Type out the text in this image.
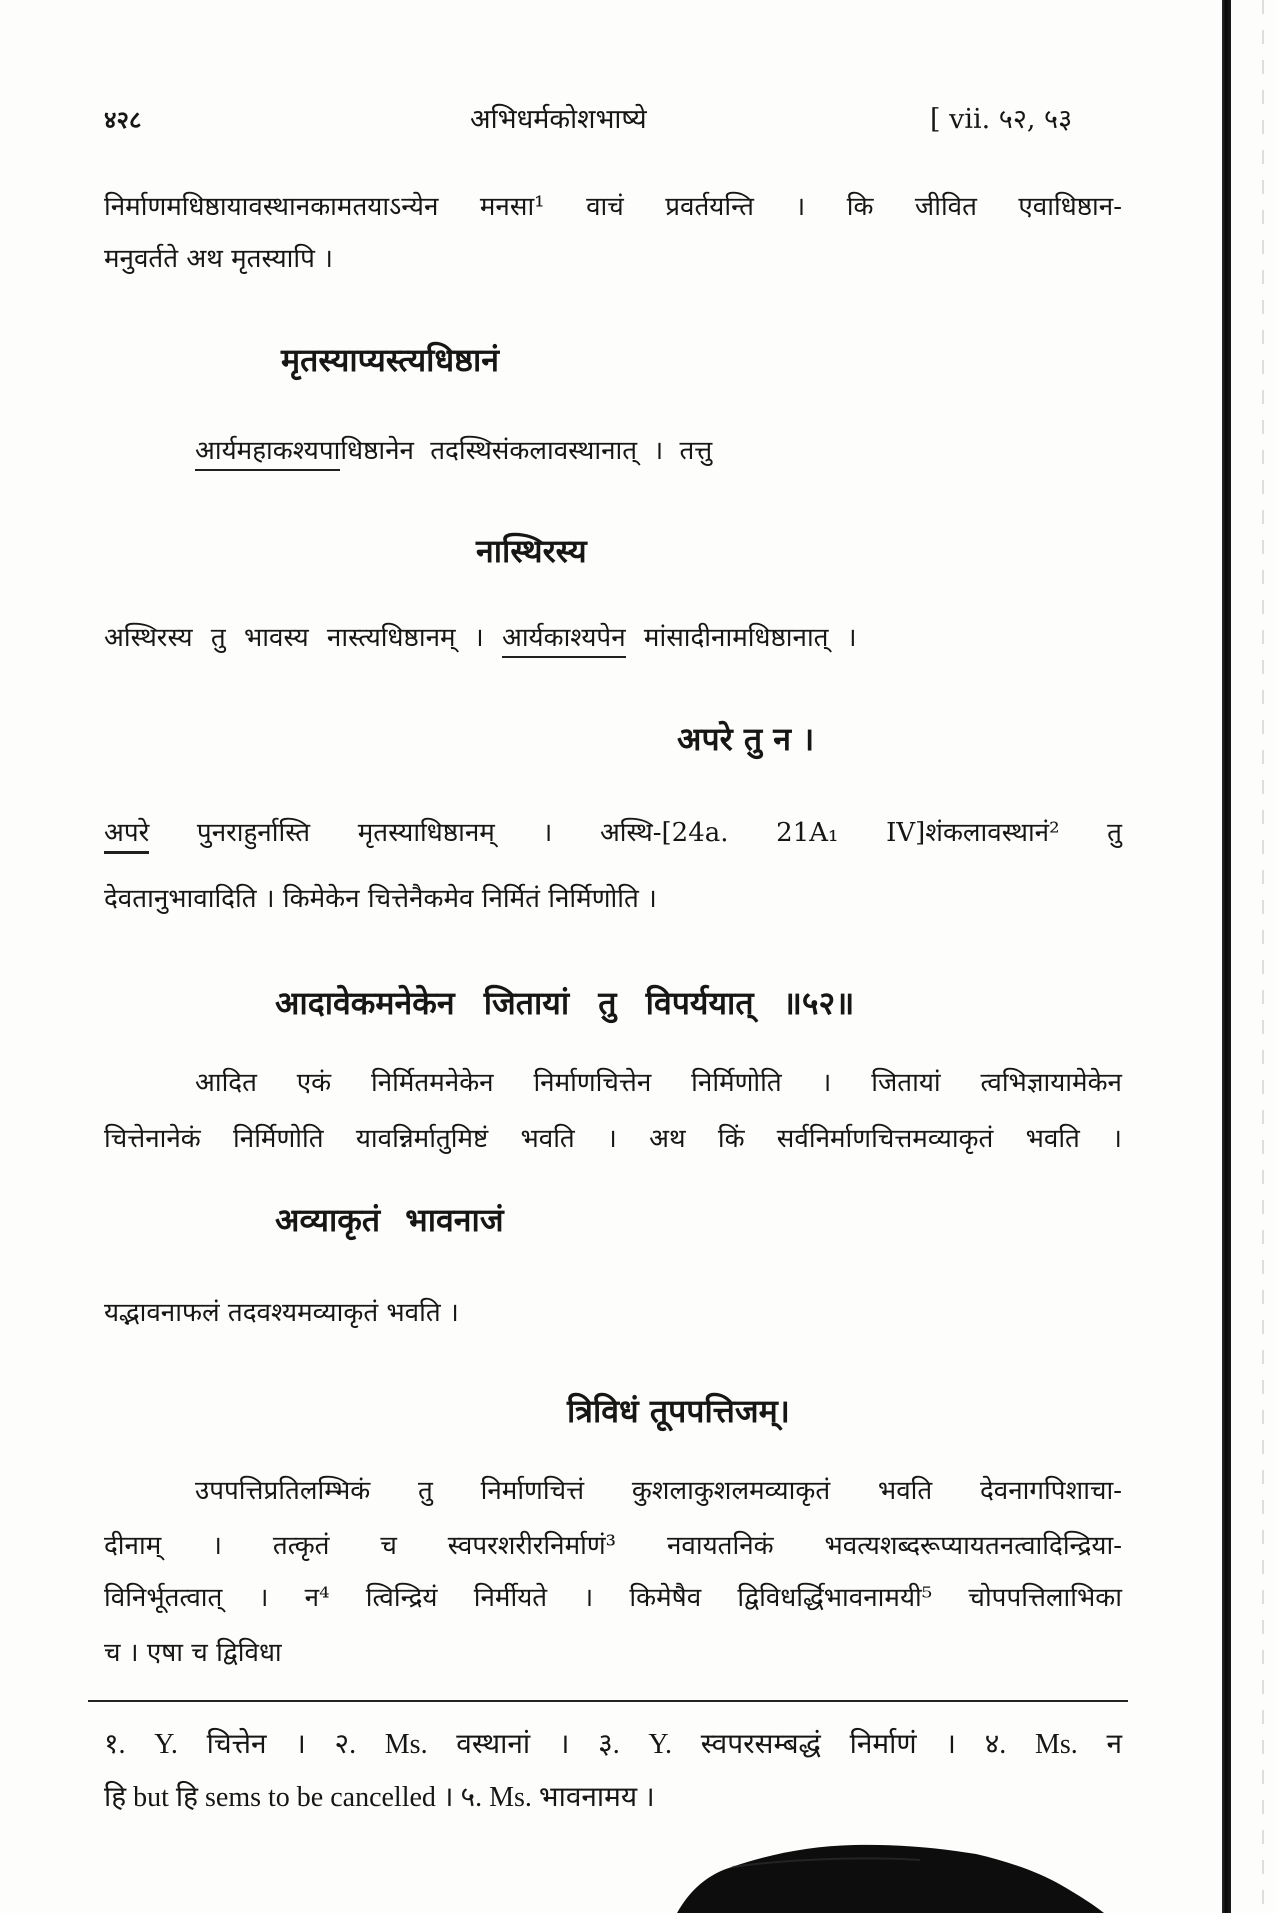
४२८	अभिधर्मकोशभाष्ये	[ vii. ५२, ५३
निर्माणमधिष्ठायावस्थानकामतयाऽन्येन मनसा¹ वाचं प्रवर्तयन्ति । कि जीवित एवाधिष्ठान-
मनुवर्तते अथ मृतस्यापि ।
मृतस्याप्यस्त्यधिष्ठानं
आर्यमहाकश्यपाधिष्ठानेन तदस्थिसंकलावस्थानात् । तत्तु
नास्थिरस्य
अस्थिरस्य तु भावस्य नास्त्यधिष्ठानम् । आर्यकाश्यपेन मांसादीनामधिष्ठानात् ।
अपरे तु न ।
अपरे पुनराहुर्नास्ति मृतस्याधिष्ठानम् । अस्थि-[24a. 21A₁ IV]शंकलावस्थानं² तु
देवतानुभावादिति । किमेकेन चित्तेनैकमेव निर्मितं निर्मिणोति ।
आदावेकमनेकेन जितायां तु विपर्ययात् ॥५२॥
आदित एकं निर्मितमनेकेन निर्माणचित्तेन निर्मिणोति । जितायां त्वभिज्ञायामेकेन
चित्तेनानेकं निर्मिणोति यावन्निर्मातुमिष्टं भवति । अथ किं सर्वनिर्माणचित्तमव्याकृतं भवति ।
अव्याकृतं भावनाजं
यद्भावनाफलं तदवश्यमव्याकृतं भवति ।
त्रिविधं तूपपत्तिजम्।
उपपत्तिप्रतिलम्भिकं तु निर्माणचित्तं कुशलाकुशलमव्याकृतं भवति देवनागपिशाचा-
दीनाम् । तत्कृतं च स्वपरशरीरनिर्माणं³ नवायतनिकं भवत्यशब्दरूप्यायतनत्वादिन्द्रिया-
विनिर्भूतत्वात् । न⁴ त्विन्द्रियं निर्मीयते । किमेषैव द्विविधर्द्धिभावनामयी⁵ चोपपत्तिलाभिका
च । एषा च द्विविधा
१. Y. चित्तेन । २. Ms. वस्थानां । ३. Y. स्वपरसम्बद्धं निर्माणं । ४. Ms. न
हि but हि sems to be cancelled । ५. Ms. भावनामय ।
